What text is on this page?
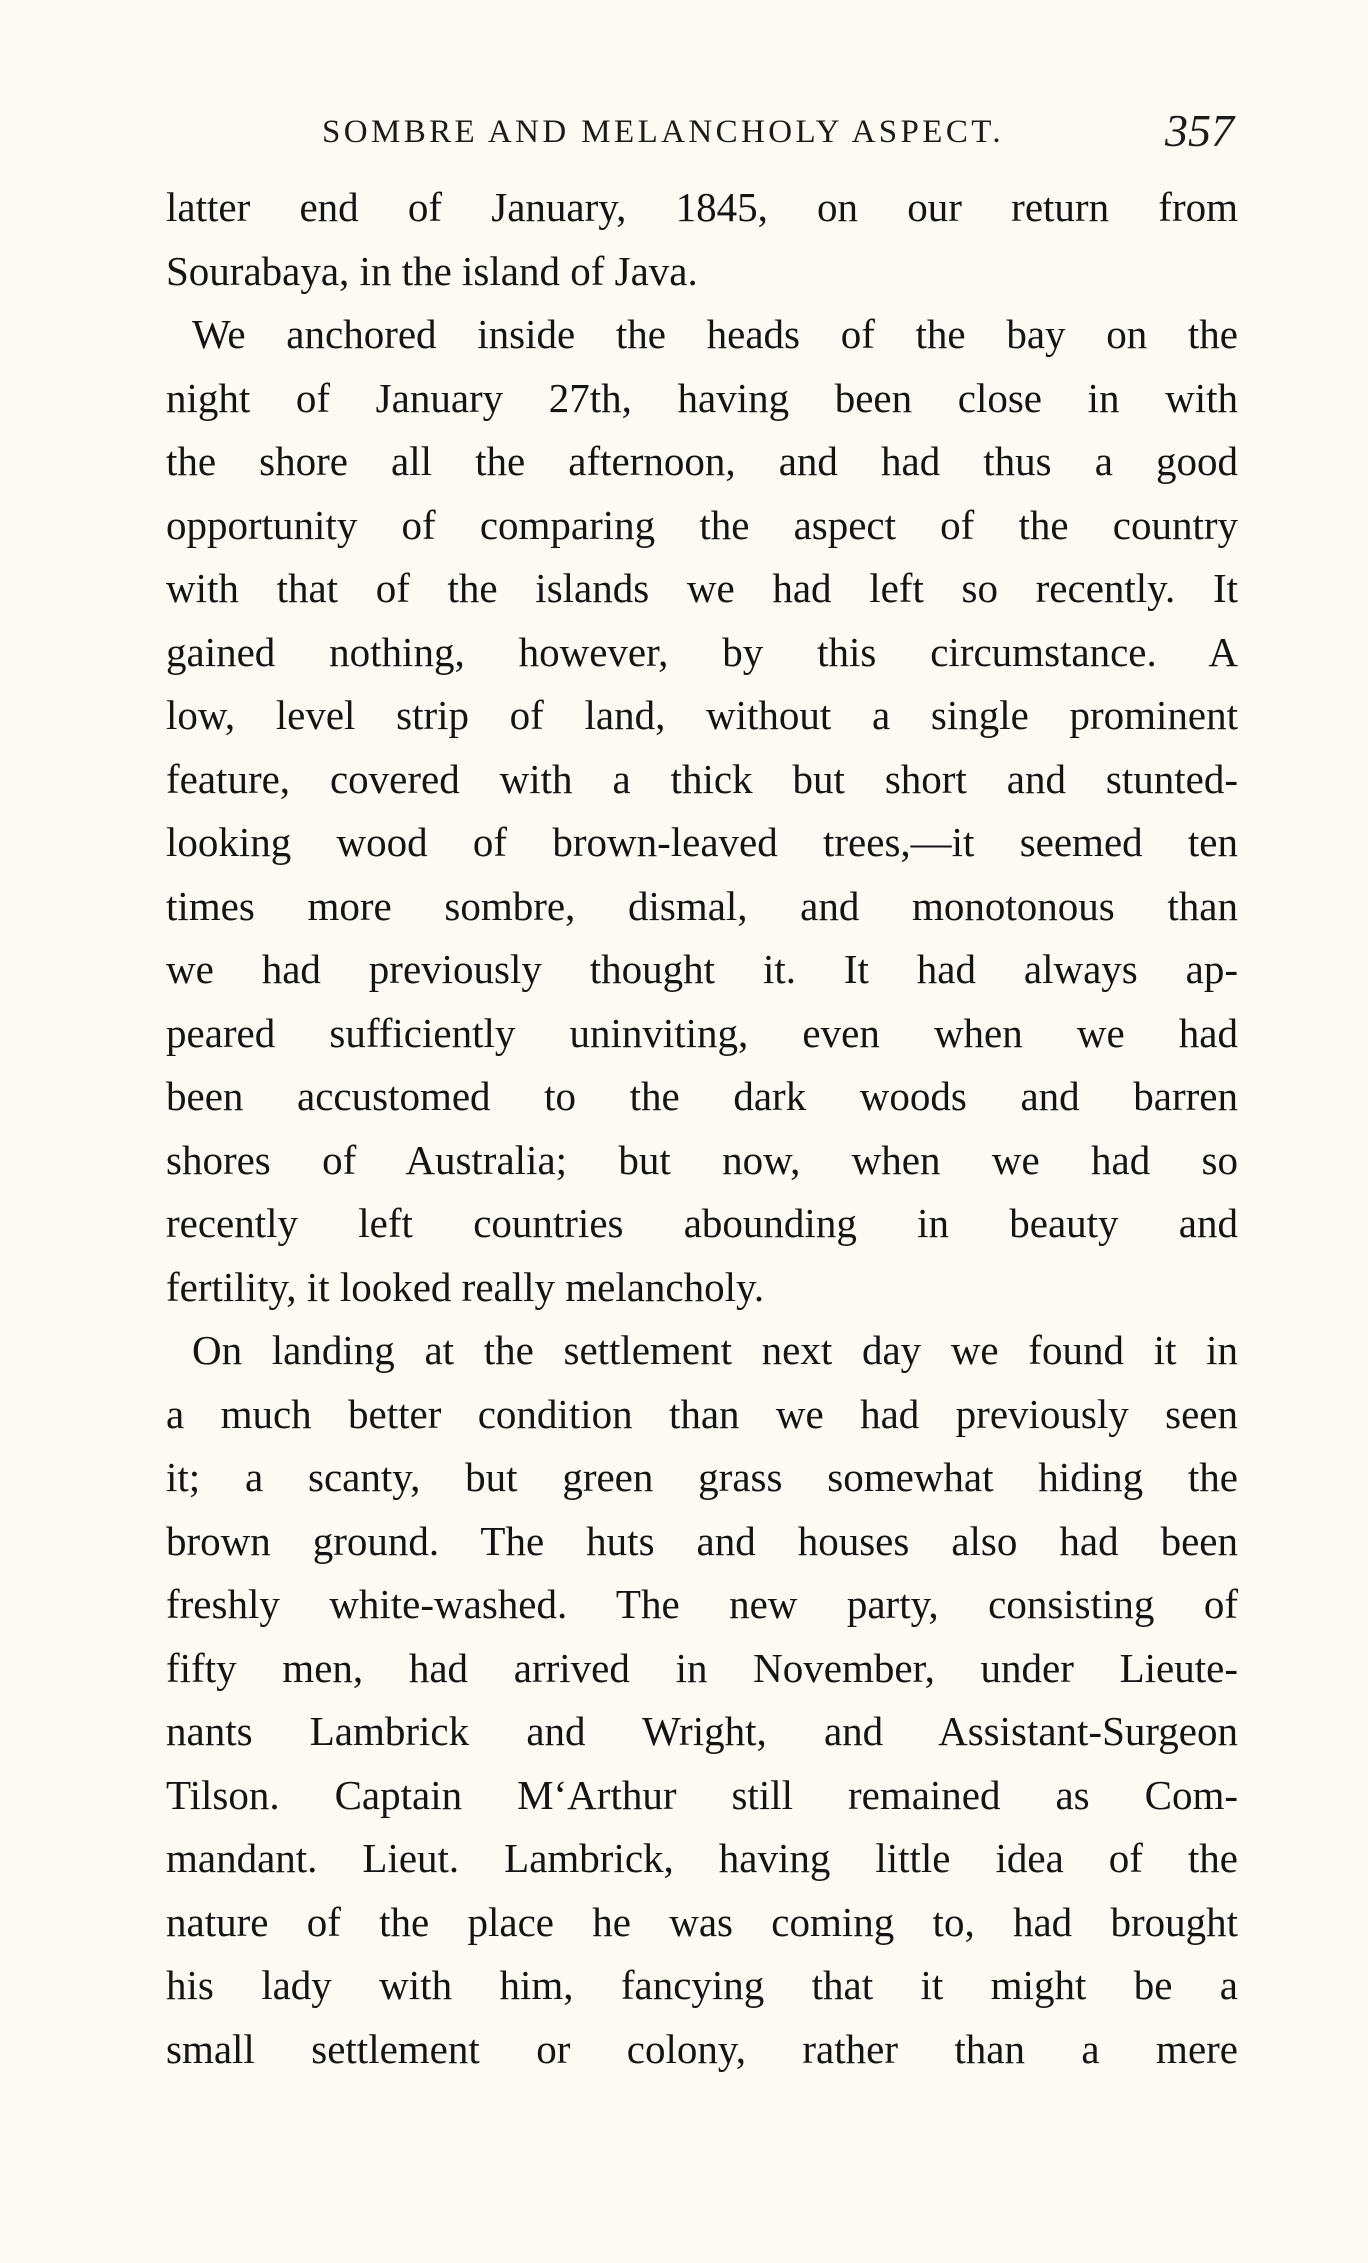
SOMBRE AND MELANCHOLY ASPECT.	357
latter end of January, 1845, on our return from
Sourabaya, in the island of Java.
We anchored inside the heads of the bay on the
night of January 27th, having been close in with
the shore all the afternoon, and had thus a good
opportunity of comparing the aspect of the country
with that of the islands we had left so recently. It
gained nothing, however, by this circumstance. A
low, level strip of land, without a single prominent
feature, covered with a thick but short and stunted-
looking wood of brown-leaved trees,—it seemed ten
times more sombre, dismal, and monotonous than
we had previously thought it. It had always ap-
peared sufficiently uninviting, even when we had
been accustomed to the dark woods and barren
shores of Australia; but now, when we had so
recently left countries abounding in beauty and
fertility, it looked really melancholy.
On landing at the settlement next day we found it in
a much better condition than we had previously seen
it; a scanty, but green grass somewhat hiding the
brown ground. The huts and houses also had been
freshly white-washed. The new party, consisting of
fifty men, had arrived in November, under Lieute-
nants Lambrick and Wright, and Assistant-Surgeon
Tilson. Captain M‘Arthur still remained as Com-
mandant. Lieut. Lambrick, having little idea of the
nature of the place he was coming to, had brought
his lady with him, fancying that it might be a
small settlement or colony, rather than a mere
